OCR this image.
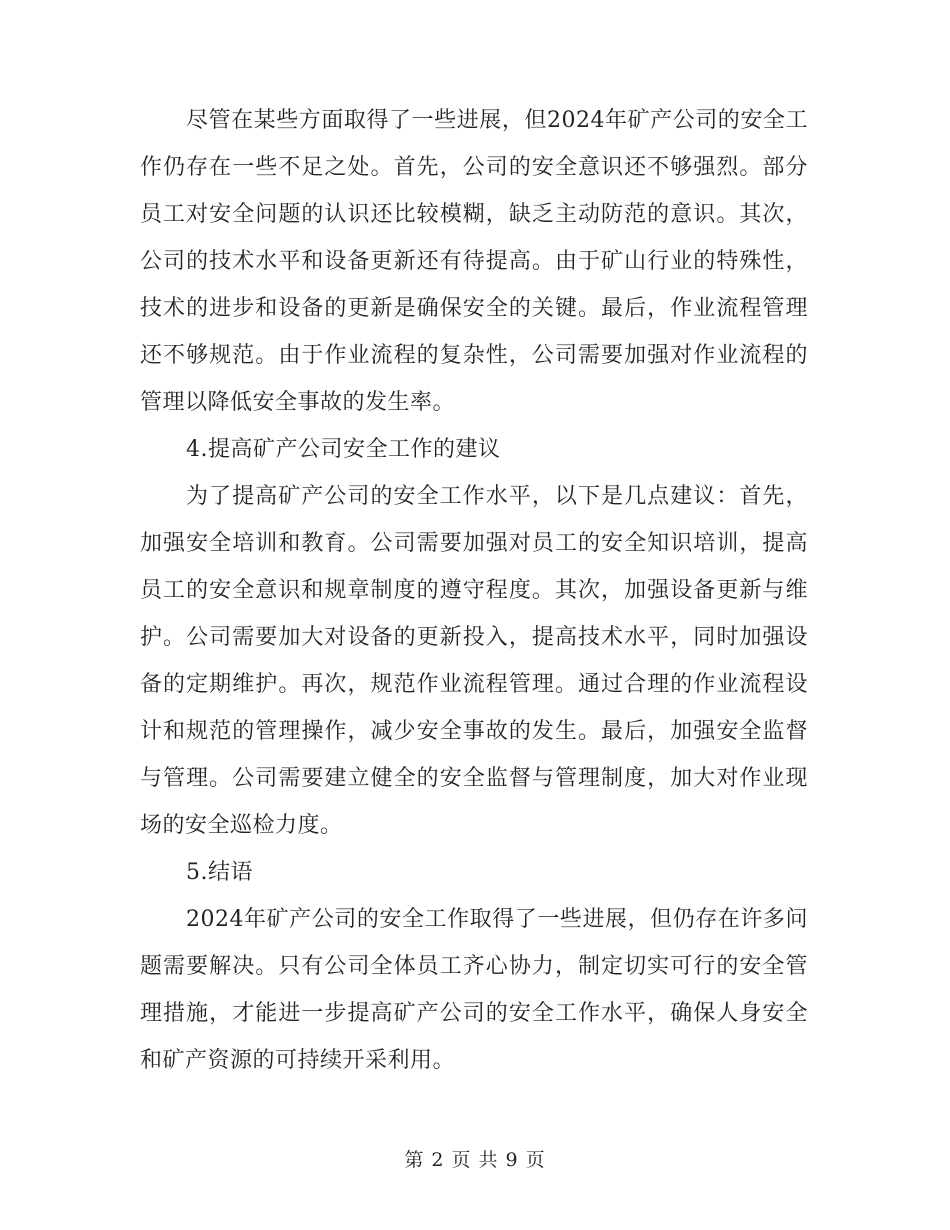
尽管在某些方面取得了一些进展，但2024年矿产公司的安全工作仍存在一些不足之处。首先，公司的安全意识还不够强烈。部分员工对安全问题的认识还比较模糊，缺乏主动防范的意识。其次，公司的技术水平和设备更新还有待提高。由于矿山行业的特殊性，技术的进步和设备的更新是确保安全的关键。最后，作业流程管理还不够规范。由于作业流程的复杂性，公司需要加强对作业流程的管理以降低安全事故的发生率。

4.提高矿产公司安全工作的建议

为了提高矿产公司的安全工作水平，以下是几点建议：首先，加强安全培训和教育。公司需要加强对员工的安全知识培训，提高员工的安全意识和规章制度的遵守程度。其次，加强设备更新与维护。公司需要加大对设备的更新投入，提高技术水平，同时加强设备的定期维护。再次，规范作业流程管理。通过合理的作业流程设计和规范的管理操作，减少安全事故的发生。最后，加强安全监督与管理。公司需要建立健全的安全监督与管理制度，加大对作业现场的安全巡检力度。

5.结语

2024年矿产公司的安全工作取得了一些进展，但仍存在许多问题需要解决。只有公司全体员工齐心协力，制定切实可行的安全管理措施，才能进一步提高矿产公司的安全工作水平，确保人身安全和矿产资源的可持续开采利用。

第 2 页 共 9 页
